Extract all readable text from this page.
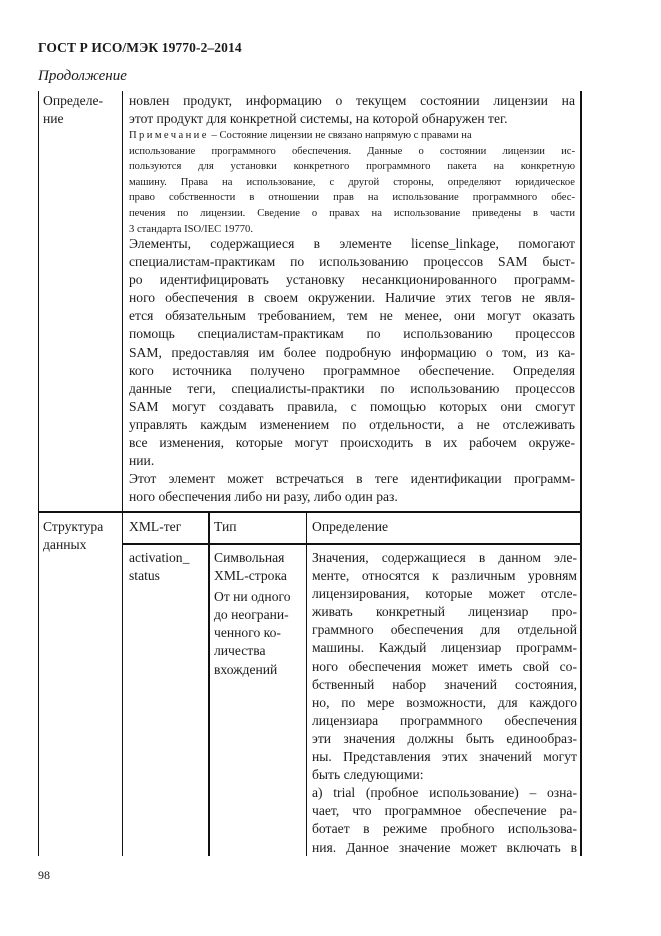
ГОСТ Р ИСО/МЭК 19770-2–2014
Продолжение
Определе-
ние
новлен продукт, информацию о текущем состоянии лицензии на
этот продукт для конкретной системы, на которой обнаружен тег.
Примечание – Состояние лицензии не связано напрямую с правами на
использование программного обеспечения. Данные о состоянии лицензии ис-
пользуются для установки конкретного программного пакета на конкретную
машину. Права на использование, с другой стороны, определяют юридическое
право собственности в отношении прав на использование программного обес-
печения по лицензии. Сведение о правах на использование приведены в части
3 стандарта ISO/IEC 19770.
Элементы, содержащиеся в элементе license_linkage, помогают
специалистам-практикам по использованию процессов SAM быст-
ро идентифицировать установку несанкционированного программ-
ного обеспечения в своем окружении. Наличие этих тегов не явля-
ется обязательным требованием, тем не менее, они могут оказать
помощь специалистам-практикам по использованию процессов
SAM, предоставляя им более подробную информацию о том, из ка-
кого источника получено программное обеспечение. Определяя
данные теги, специалисты-практики по использованию процессов
SAM могут создавать правила, с помощью которых они смогут
управлять каждым изменением по отдельности, а не отслеживать
все изменения, которые могут происходить в их рабочем окруже-
нии.
Этот элемент может встречаться в теге идентификации программ-
ного обеспечения либо ни разу, либо один раз.
Структура
данных
XML-тег Тип	Определение
activation_
status
Символьная
XML-строка
От ни одного
до неограни-
ченного ко-
личества
вхождений
Значения, содержащиеся в данном эле-
менте, относятся к различным уровням
лицензирования, которые может отсле-
живать конкретный лицензиар про-
граммного обеспечения для отдельной
машины. Каждый лицензиар программ-
ного обеспечения может иметь свой со-
бственный набор значений состояния,
но, по мере возможности, для каждого
лицензиара программного обеспечения
эти значения должны быть единообраз-
ны. Представления этих значений могут
быть следующими:
а) trial (пробное использование) – озна-
чает, что программное обеспечение ра-
ботает в режиме пробного использова-
ния. Данное значение может включать в
98
